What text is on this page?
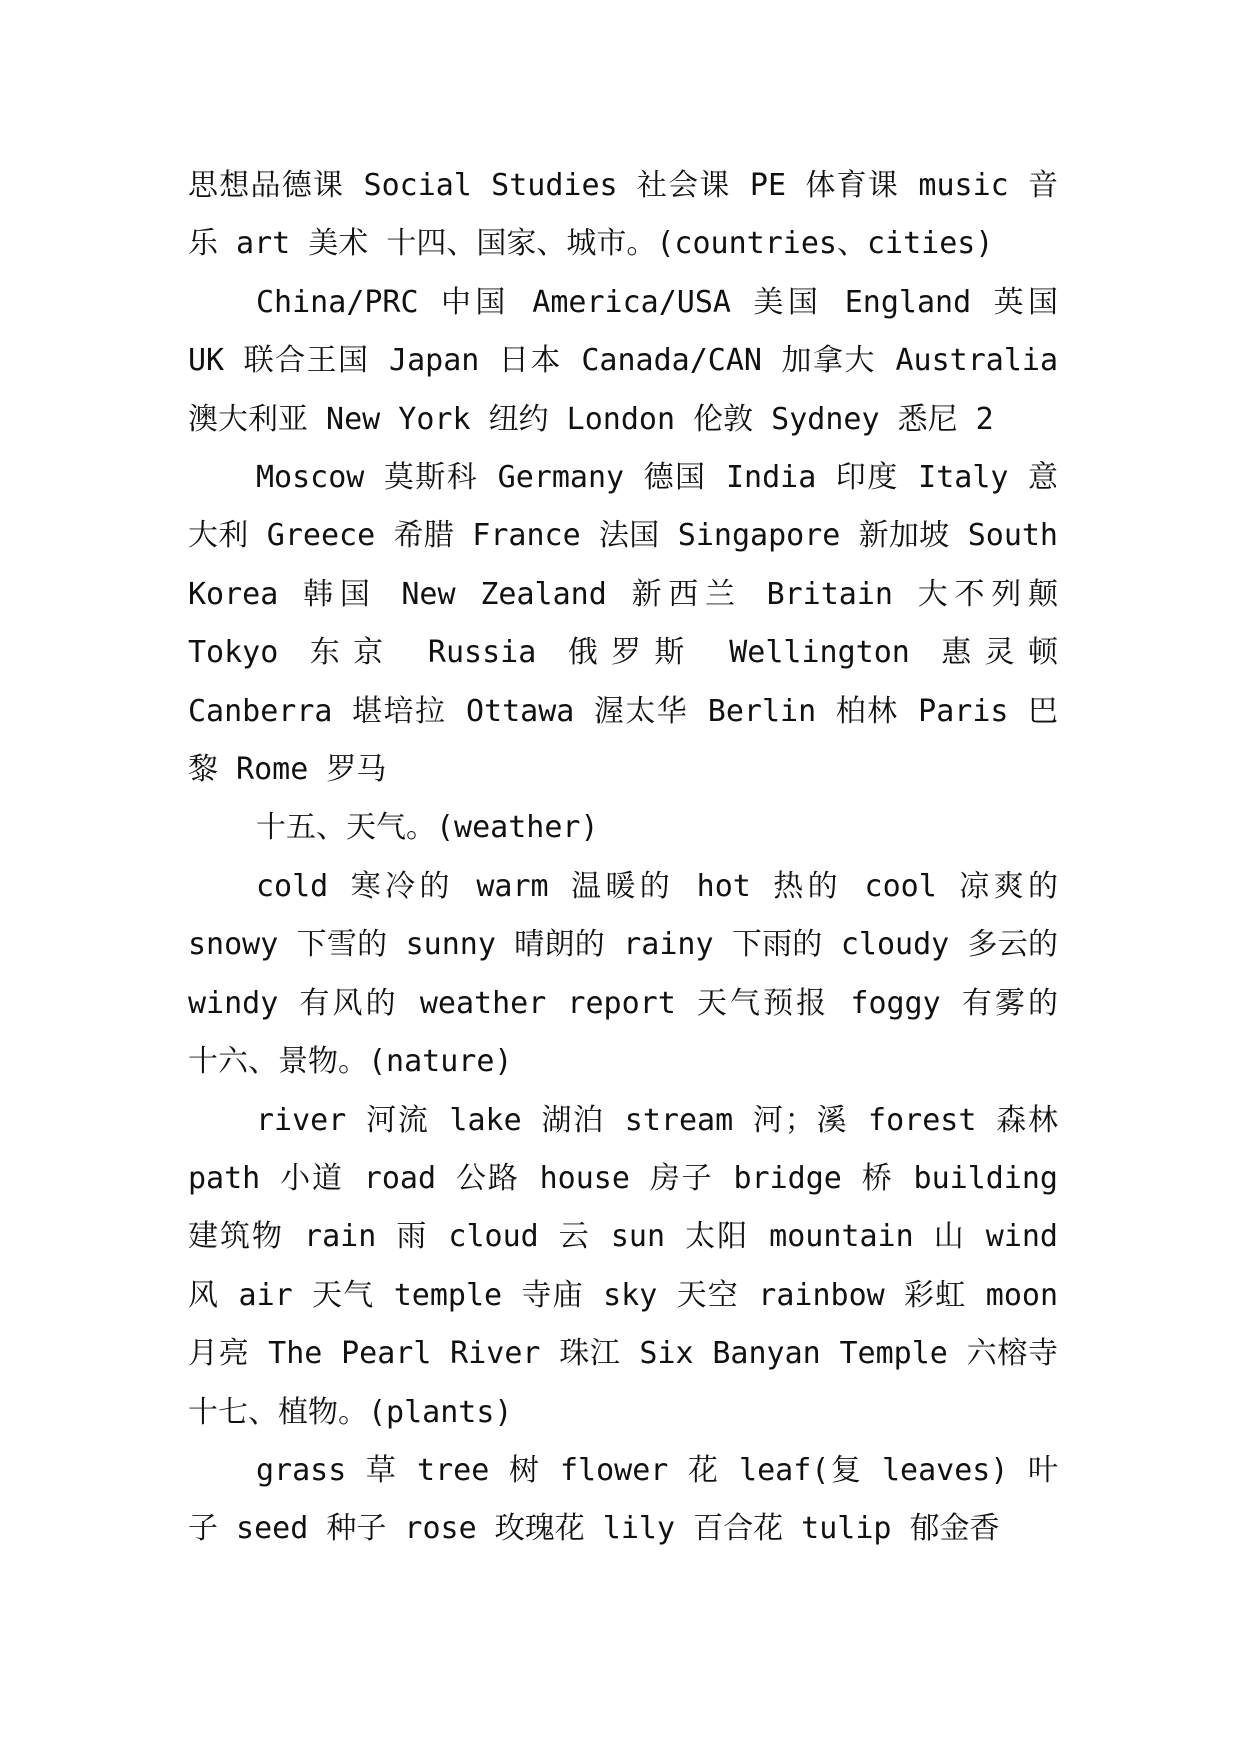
思想品德课 Social Studies 社会课 PE 体育课 music 音乐 art 美术 十四、国家、城市。(countries、cities)

China/PRC 中国 America/USA 美国 England 英国 UK 联合王国 Japan 日本 Canada/CAN 加拿大 Australia 澳大利亚 New York 纽约 London 伦敦 Sydney 悉尼 2

Moscow 莫斯科 Germany 德国 India 印度 Italy 意大利 Greece 希腊 France 法国 Singapore 新加坡 South Korea 韩国 New Zealand 新西兰 Britain 大不列颠 Tokyo 东京 Russia 俄罗斯 Wellington 惠灵顿 Canberra 堪培拉 Ottawa 渥太华 Berlin 柏林 Paris 巴黎 Rome 罗马

十五、天气。(weather)

cold 寒冷的 warm 温暖的 hot 热的 cool 凉爽的 snowy 下雪的 sunny 晴朗的 rainy 下雨的 cloudy 多云的 windy 有风的 weather report 天气预报 foggy 有雾的 十六、景物。(nature)

river 河流 lake 湖泊 stream 河；溪 forest 森林 path 小道 road 公路 house 房子 bridge 桥 building 建筑物 rain 雨 cloud 云 sun 太阳 mountain 山 wind 风 air 天气 temple 寺庙 sky 天空 rainbow 彩虹 moon 月亮 The Pearl River 珠江 Six Banyan Temple 六榕寺 十七、植物。(plants)

grass 草 tree 树 flower 花 leaf(复 leaves) 叶子 seed 种子 rose 玫瑰花 lily 百合花 tulip 郁金香
